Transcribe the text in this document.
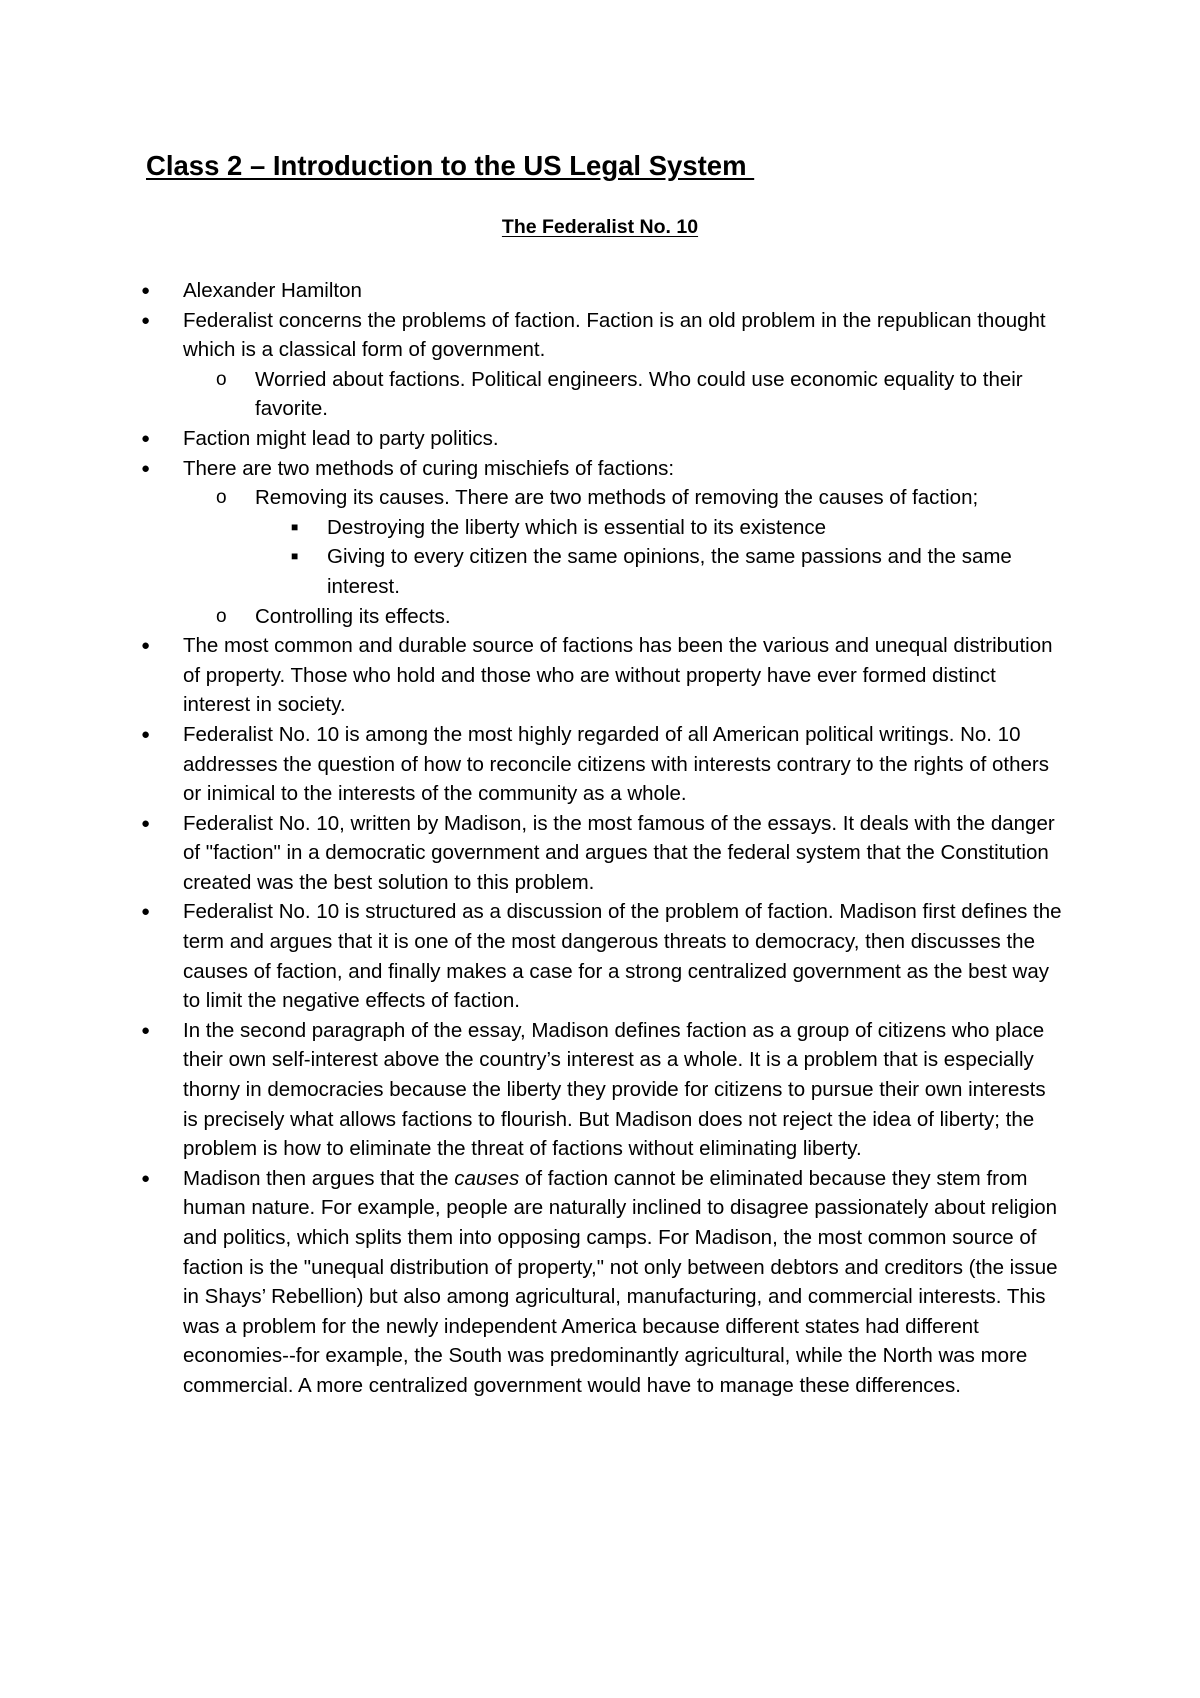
Class 2 – Introduction to the US Legal System
The Federalist No. 10
● Alexander Hamilton
● Federalist concerns the problems of faction. Faction is an old problem in the republican thought which is a classical form of government.
o Worried about factions. Political engineers. Who could use economic equality to their favorite.
● Faction might lead to party politics.
● There are two methods of curing mischiefs of factions:
o Removing its causes. There are two methods of removing the causes of faction;
■ Destroying the liberty which is essential to its existence
■ Giving to every citizen the same opinions, the same passions and the same interest.
o Controlling its effects.
● The most common and durable source of factions has been the various and unequal distribution of property. Those who hold and those who are without property have ever formed distinct interest in society.
● Federalist No. 10 is among the most highly regarded of all American political writings. No. 10 addresses the question of how to reconcile citizens with interests contrary to the rights of others or inimical to the interests of the community as a whole.
● Federalist No. 10, written by Madison, is the most famous of the essays. It deals with the danger of "faction" in a democratic government and argues that the federal system that the Constitution created was the best solution to this problem.
● Federalist No. 10 is structured as a discussion of the problem of faction. Madison first defines the term and argues that it is one of the most dangerous threats to democracy, then discusses the causes of faction, and finally makes a case for a strong centralized government as the best way to limit the negative effects of faction.
● In the second paragraph of the essay, Madison defines faction as a group of citizens who place their own self-interest above the country’s interest as a whole. It is a problem that is especially thorny in democracies because the liberty they provide for citizens to pursue their own interests is precisely what allows factions to flourish. But Madison does not reject the idea of liberty; the problem is how to eliminate the threat of factions without eliminating liberty.
● Madison then argues that the causes of faction cannot be eliminated because they stem from human nature. For example, people are naturally inclined to disagree passionately about religion and politics, which splits them into opposing camps. For Madison, the most common source of faction is the "unequal distribution of property," not only between debtors and creditors (the issue in Shays’ Rebellion) but also among agricultural, manufacturing, and commercial interests. This was a problem for the newly independent America because different states had different economies--for example, the South was predominantly agricultural, while the North was more commercial. A more centralized government would have to manage these differences.
